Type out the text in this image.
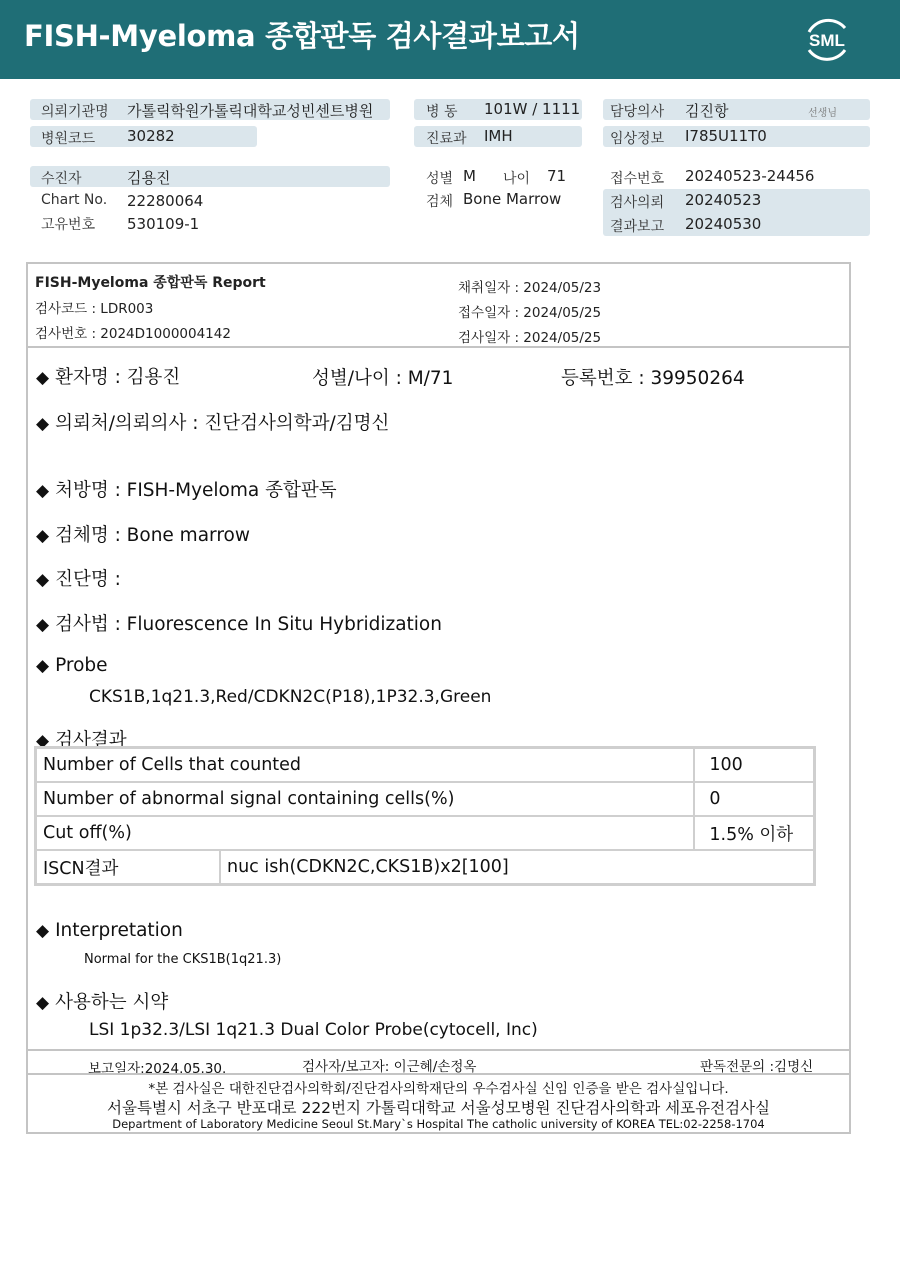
FISH-Myeloma 종합판독 검사결과보고서	SML
의뢰기관명 가톨릭학원가톨릭대학교성빈센트병원
병원코드 30282
수진자	김용진
Chart No. 22280064
고유번호 530109-1
병 동 101W / 1111
진료과 IMH
성별 M 나이 71
검체 Bone Marrow
담당의사 김진항	선생님
임상정보 I785U11T0
접수번호 20240523-24456
검사의뢰 20240523
결과보고 20240530
FISH-Myeloma 종합판독 Report
검사코드 : LDR003
검사번호 : 2024D1000004142
채취일자 : 2024/05/23
접수일자 : 2024/05/25
검사일자 : 2024/05/25
◆ 환자명 : 김용진	성별/나이 : M/71	등록번호 : 39950264
◆ 의뢰처/의뢰의사 : 진단검사의학과/김명신
◆ 처방명 : FISH-Myeloma 종합판독
◆ 검체명 : Bone marrow
◆ 진단명 :
◆ 검사법 : Fluorescence In Situ Hybridization
◆ Probe
CKS1B,1q21.3,Red/CDKN2C(P18),1P32.3,Green
◆ 검사결과
Number of Cells that counted		100
Number of abnormal signal containing cells(%)		0
Cut off(%)		1.5% 이하
ISCN결과	nuc ish(CDKN2C,CKS1B)x2[100]	
◆ Interpretation
Normal for the CKS1B(1q21.3)
◆ 사용하는 시약
LSI 1p32.3/LSI 1q21.3 Dual Color Probe(cytocell, Inc)
보고일자:2024.05.30.	검사자/보고자: 이근혜/손정옥	판독전문의 :김명신
*본 검사실은 대한진단검사의학회/진단검사의학재단의 우수검사실 신임 인증을 받은 검사실입니다.
서울특별시 서초구 반포대로 222번지 가톨릭대학교 서울성모병원 진단검사의학과 세포유전검사실
Department of Laboratory Medicine Seoul St.Mary`s Hospital The catholic university of KOREA TEL:02-2258-1704
